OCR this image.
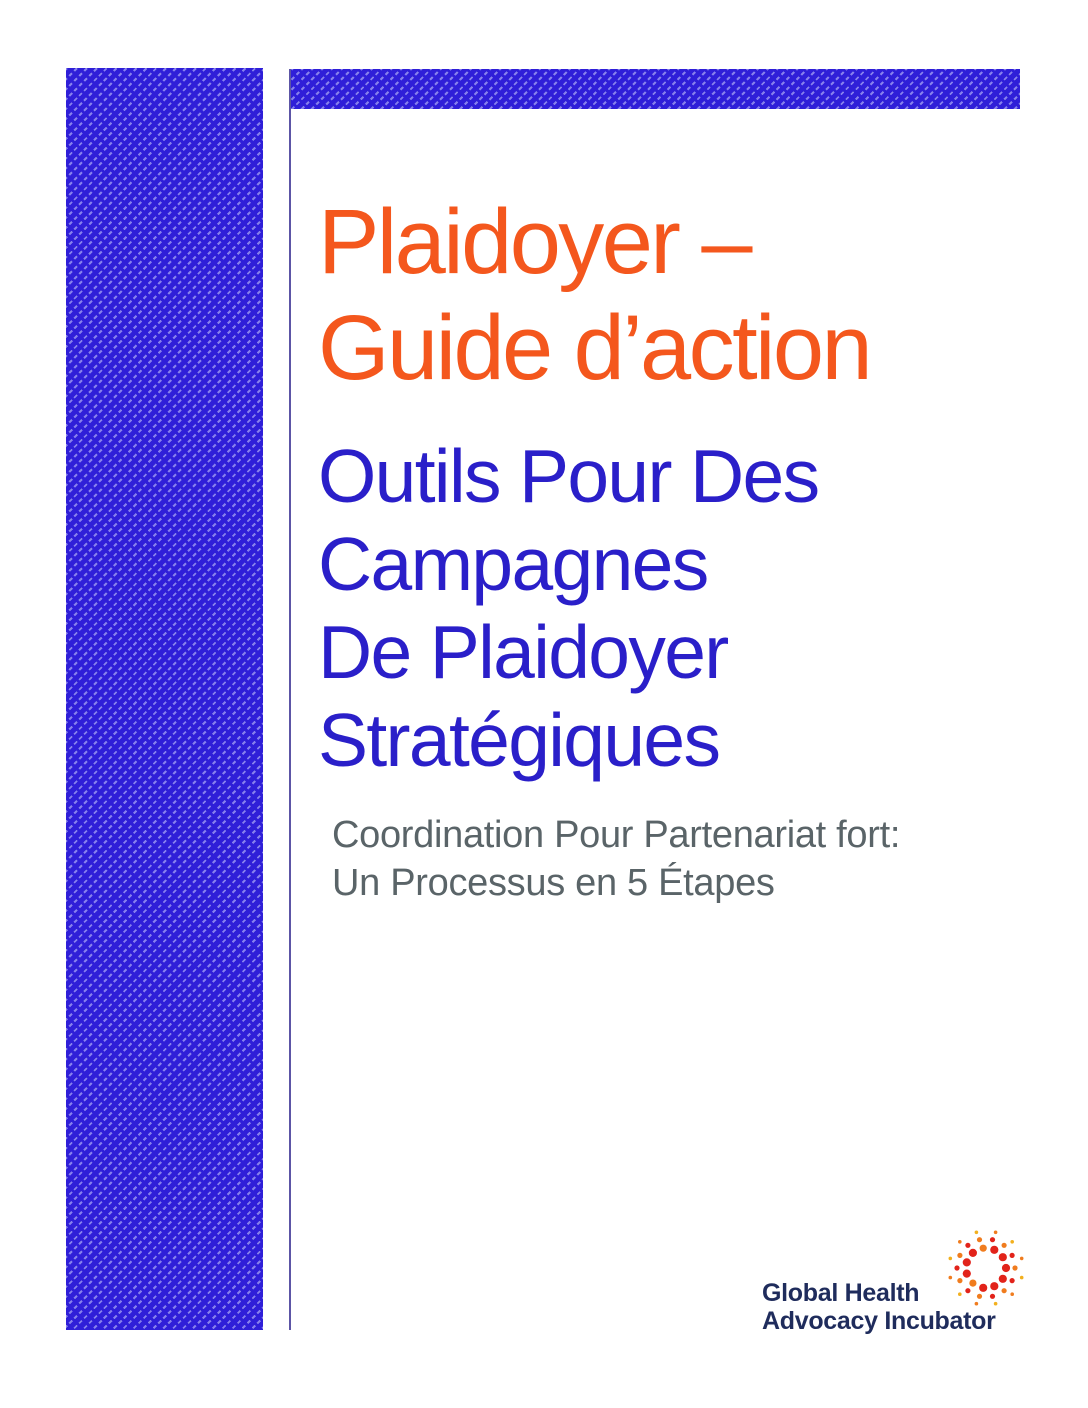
Plaidoyer –
Guide d’action
Outils Pour Des
Campagnes
De Plaidoyer
Stratégiques
Coordination Pour Partenariat fort:
Un Processus en 5 Étapes
Global Health
Advocacy Incubator
